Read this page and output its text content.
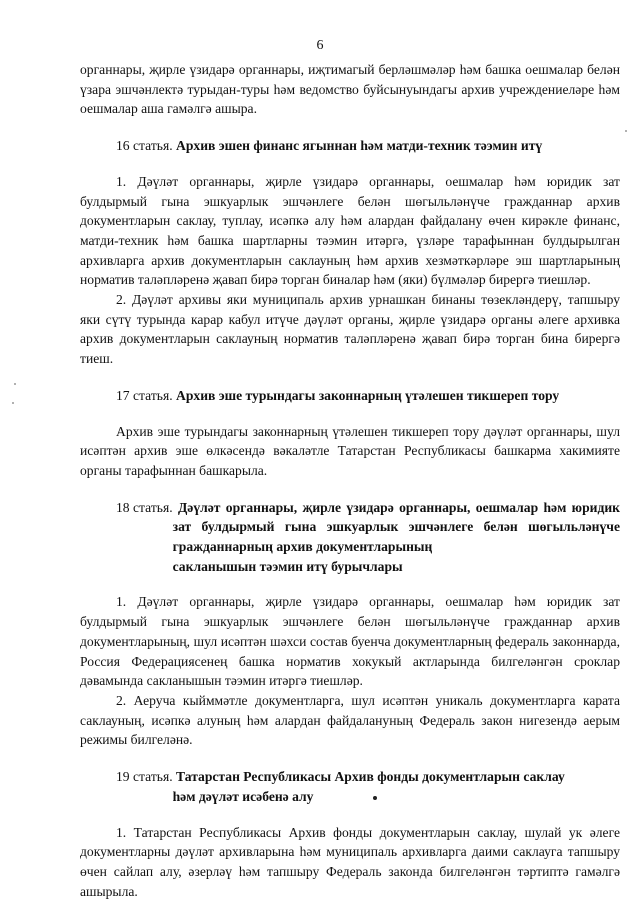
6

органнары, җирле үзидарә органнары, иҗтимагый берләшмәләр һәм башка оешмалар белән үзара эшчәнлектә турыдан-туры һәм ведомство буйсынуындагы архив учреждениеләре һәм оешмалар аша гамәлгә ашыра.

16 статья. Архив эшен финанс ягыннан һәм матди-техник тәэмин итү

1. Дәүләт органнары, җирле үзидарә органнары, оешмалар һәм юридик зат булдырмый гына эшкуарлык эшчәнлеге белән шөгыльләнүче гражданнар архив документларын саклау, туплау, исәпкә алу һәм алардан файдалану өчен кирәкле финанс, матди-техник һәм башка шартларны тәэмин итәргә, үзләре тарафыннан булдырылган архивларга архив документларын саклауның һәм архив хезмәткәрләре эш шартларының норматив таләпләренә җавап бирә торган биналар һәм (яки) бүлмәләр бирергә тиешләр.

2. Дәүләт архивы яки муниципаль архив урнашкан бинаны төзекләндерү, тапшыру яки сүтү турында карар кабул итүче дәүләт органы, җирле үзидарә органы әлеге архивка архив документларын саклауның норматив таләпләренә җавап бирә торган бина бирергә тиеш.

17 статья. Архив эше турындагы законнарның үтәлешен тикшереп тору

Архив эше турындагы законнарның үтәлешен тикшереп тору дәүләт органнары, шул исәптән архив эше өлкәсендә вәкаләтле Татарстан Республикасы башкарма хакимияте органы тарафыннан башкарыла.

18 статья. Дәүләт органнары, җирле үзидарә органнары, оешмалар һәм юридик зат булдырмый гына эшкуарлык эшчәнлеге белән шөгыльләнүче гражданнарның архив документларының
сакланышын тәэмин итү бурычлары

1. Дәүләт органнары, җирле үзидарә органнары, оешмалар һәм юридик зат булдырмый гына эшкуарлык эшчәнлеге белән шөгыльләнүче гражданнар архив документларының, шул исәптән шәхси состав буенча документларның федераль законнарда, Россия Федерациясенең башка норматив хокукый актларында билгеләнгән сроклар дәвамында сакланышын тәэмин итәргә тиешләр.

2. Аеруча кыйммәтле документларга, шул исәптән уникаль документларга карата саклауның, исәпкә алуның һәм алардан файдалануның Федераль закон нигезендә аерым режимы билгеләнә.

19 статья. Татарстан Республикасы Архив фонды документларын саклау
һәм дәүләт исәбенә алу

1. Татарстан Республикасы Архив фонды документларын саклау, шулай ук әлеге документларны дәүләт архивларына һәм муниципаль архивларга даими саклауга тапшыру өчен сайлап алу, әзерләү һәм тапшыру Федераль законда билгеләнгән тәртиптә гамәлгә ашырыла.
